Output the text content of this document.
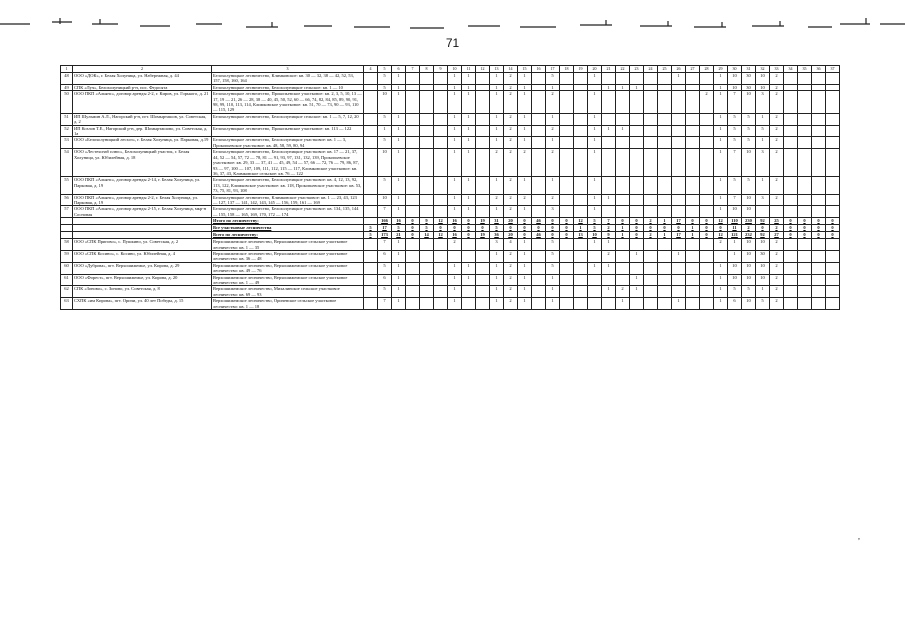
71
1	2	3	4	5	6	7	8	9	10	11	12	13	14	15	16	17	18	19	20	21	22	23	24	25	26	27	28	29	30	31	32	33	34	35	36	37
48	ООО «ДОК», г. Белая Холуница, ул. Набережная, д. 44	Белохолуницкое лесничество, Климковское: кв. 30 — 32, 38 — 42, 52, 53, 157, 158, 160, 164		5	1				1	1		1	2	1		5			1						1			1	10	30	10	2				
49	СПК «Луч», Белохолуницкий р-н, пос. Федосята	Белохолуницкое лесничество, Белохолуницкое сельское: кв. 1 — 10		5	1				1	1		1	2	1		1				1	1	1						1	10	30	10	2				
50	ООО ПКП «Альянс», договор аренды 2-2, г. Киров, ул. Горького, д. 21	Белохолуницкое лесничество, Прокопьевское участковое: кв. 2, 3, 5, 10, 13 — 17, 19 — 21, 26 — 28, 38 — 40, 45, 50, 52, 60 — 66, 74, 82, 84, 85, 89, 90, 91, 98, 99, 110, 113, 114, Климковское участковое: кв. 51, 70 — 73, 90 — 93, 110 — 115, 129		10	1				1	1		1	2	1		2			1								2	1	7	10	3	2				
51	ИП Шульмин А.Л., Нагорский р-н, пгт. Шомырташов, ул. Советская, д. 2	Белохолуницкое лесничество, Белохолуницкое сельское: кв. 1 — 5, 7, 12, 20		5	1				1	1		1	2	1		1			1									1	5	5	1	2				
52	ИП Козлов Т.Е., Нагорский р-н, дер. Шомырташово, ул. Советская, д. 1а	Белохолуницкое лесничество, Прокопьевское участковое: кв. 113 — 122		1	1				1	1		1	2	1		2			1	1	1							1	5	5	5	2				
53	ООО «Белохолуницкий лесхоз», г. Белая Холуница, ул. Парковая, д.19	Белохолуницкое лесничество, Белохолуницкое участковое: кв. 1 — 3, Прокопьевское участковое: кв. 48, 58, 59, 80, 94		5	1				1	1		1	2	1		1			1									1	5	5	1	2				
54	ООО «Лестехснаб плюс», Белохолуницкий участок, г. Белая Холуница, ул. Юбилейная, д. 18	Белохолуницкое лесничество, Белохолуницкое участковое: кв. 17 — 21, 37, 44, 52 — 54, 57, 72 — 78, 81 — 91, 93, 97, 131, 132, 139, Прокопьевское участковое: кв. 29, 33 — 37, 41 — 45, 49, 54 — 57, 66 — 72, 76 — 79, 86, 87, 93 — 97, 100 — 107, 109, 111, 112, 115 — 117, Климковское участковое: кв. 36, 37, 43, Климковское сельское: кв. 76 — 122		10	1				1	1		2	2	2		2			1									1	7	10	3	2				
55	ООО ПКП «Альянс», договор аренды 2-14, г. Белая Холуница, ул. Парковая, д. 19	Белохолуницкое лесничество, Белохолуницкое участковое: кв. 4, 12, 13, 92, 113, 122, Климковское участковое: кв. 118, Прокопьевское участковое: кв. 53, 73, 75, 81, 93, 108		5	1				1	1		1	2	1		1			1									1	5	5	1	2				
56	ООО ПКП «Альянс», договор аренды 2-2, г. Белая Холуница, ул. Парковая, д. 19	Белохолуницкое лесничество, Климковское участковое: кв. 1 — 23, 43, 123 — 127, 137 — 141, 142, 143, 145 — 156, 159, 161 — 169		10	1				1	1		2	2	2		2			1	1								1	7	10	3	2				
57	ООО ПКП «Альянс», договор аренды 2-15, г. Белая Холуница, мкр-н Сосновая	Белохолуницкое лесничество, Белохолуницкое участковое: кв. 134, 135, 144 — 155, 158 — 165, 169, 170, 172 — 174		7	1				1	1		1	2	1		3			1									1	10	10						
		Итого по лесничеству:		166	16	0	9	12	16	0	19	31	20	0	46	0	0	12	5	7	0	0	2	1	17	0	0	12	110	230	92	25	0	0	0	0
		Все участковые лесничества	5	17	5	0	5	0	0	0	0	5	0	0	0	0	0	1	5	2	1	0	0	0	0	1	0	0	11	2	0	2	0	0	0	0
		Всего по лесничеству:	5	173	21	0	14	12	16	0	19	36	20	0	46	0	0	13	10	9	1	0	2	1	17	1	0	12	121	232	92	27	0	0	0	0
58	ООО «СПК Пригово», с. Пушкино, ул. Советская, д. 2	Верхошижемское лесничество, Верхошижемское сельское участковое лесничество: кв. 1 — 35		7	1				2			3	4	1		5			1	1								2	1	10	10	2				
59	ООО «СПК Косино», с. Косино, ул. Юбилейная, д. 4	Верхошижемское лесничество, Верхошижемское сельское участковое лесничество: кв. 36 — 48		6	1							1	2	1		5				2		1			1				1	10	30	2				
60	ООО «Дуброва», пгт. Верхошижемье, ул. Кирова, д. 29	Верхошижемское лесничество, Верхошижемское сельское участковое лесничество: кв. 49 — 76		5	1				1	1		1	2	1		5			1	1								1	10	10	10	2				
61	ООО «Форест», пгт. Верхошижемье, ул. Кирова, д. 20	Верхошижемское лесничество, Верхошижемское сельское участковое лесничество: кв. 1 — 49		6	1				1	1		1	2	1		1						1						1	10	10	10	2				
62	СПК «Зоново», с. Зоново, ул. Советская, д. 8	Верхошижемское лесничество, Михалинское сельское участковое лесничество: кв. 69 — 93		5	1				1			1	2	1		1				1	2	1						1	5	5	1	2				
63	СХПК «им Кирова», пгт. Оричи, ул. 40 лет Победы, д. 15	Верхошижемское лесничество, Оричевское сельское участковое лесничество: кв. 1 — 18		7	1				1			1	2	1		1					1				1			1	6	10	5	2				
,
